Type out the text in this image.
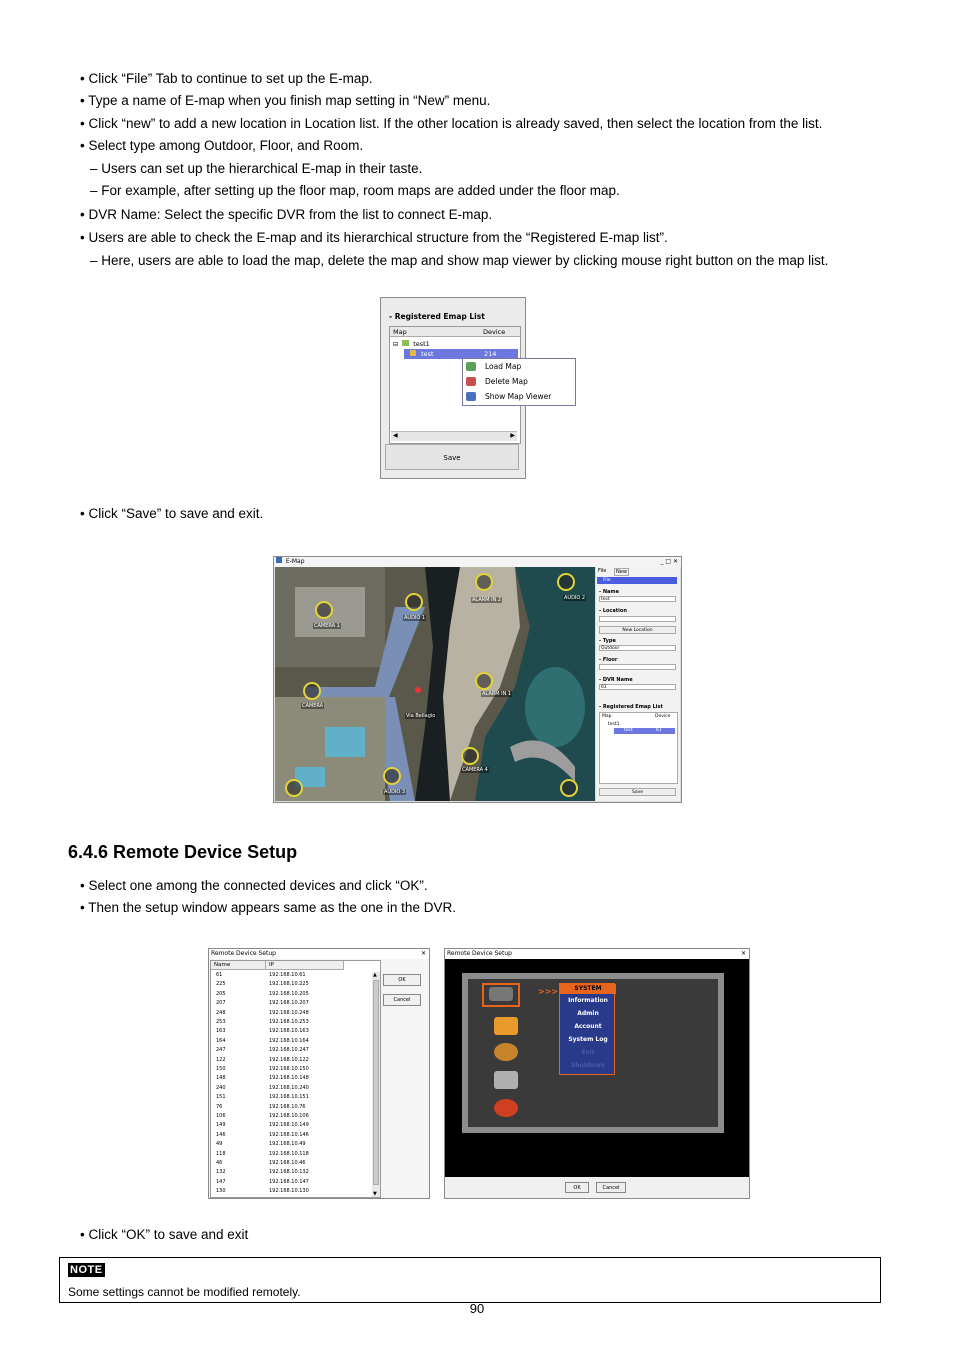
• Click “File” Tab to continue to set up the E-map.
• Type a name of E-map when you finish map setting in “New” menu.
• Click “new” to add a new location in Location list. If the other location is already saved, then select the location from the list.
• Select type among Outdoor, Floor, and Room.
– Users can set up the hierarchical E-map in their taste.
– For example, after setting up the floor map, room maps are added under the floor map.
• DVR Name: Select the specific DVR from the list to connect E-map.
• Users are able to check the E-map and its hierarchical structure from the “Registered E-map list”.
– Here, users are able to load the map, delete the map and show map viewer by clicking mouse right button on the map list.
- Registered Emap List
Map	Device
⊟ test1
test	214
◀	▶
Save
Load Map
Delete Map
Show Map Viewer
• Click “Save” to save and exit.
E-Map	_ □ ✕
CAMERA 1
AUDIO 1
ALARM IN 2	AUDIO 2
CAMERA
ALARM IN 1
CAMERA 4
AUDIO 3
Via Bellagio
File	New
File
- Name
test
- Location
New Location
- Type
Outdoor
- Floor
- DVR Name
61
- Registered Emap List
Map	Device
test1
test	61
Save
6.4.6 Remote Device Setup
• Select one among the connected devices and click “OK”.
• Then the setup window appears same as the one in the DVR.
Remote Device Setup	✕
Name	IP
61	192.168.10.61
225	192.168.10.225
205	192.168.10.205
207	192.168.10.207
248	192.168.10.248
253	192.168.10.253
163	192.168.10.163
164	192.168.10.164
247	192.168.10.247
122	192.168.10.122
150	192.168.10.150
148	192.168.10.148
240	192.168.10.240
151	192.168.10.151
76	192.168.10.76
106	192.168.10.106
149	192.168.10.149
146	192.168.10.146
49	192.168.10.49
118	192.168.10.118
46	192.168.10.46
132	192.168.10.132
147	192.168.10.147
130	192.168.10.130
▲
▼
OK
Cancel
Remote Device Setup	✕
>>>	SYSTEM
Information
Admin
Account
System Log
Exit
Shutdown
OK	Cancel
• Click “OK” to save and exit
NOTE
Some settings cannot be modified remotely.
90
